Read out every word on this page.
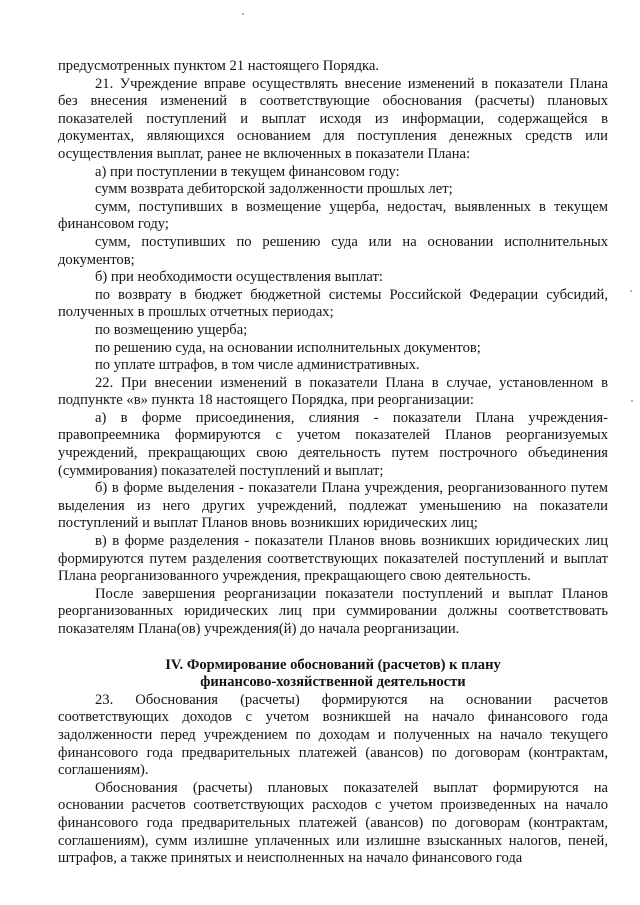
предусмотренных пунктом 21 настоящего Порядка.

21. Учреждение вправе осуществлять внесение изменений в показатели Плана без внесения изменений в соответствующие обоснования (расчеты) плановых показателей поступлений и выплат исходя из информации, содержащейся в документах, являющихся основанием для поступления денежных средств или осуществления выплат, ранее не включенных в показатели Плана:

а) при поступлении в текущем финансовом году:

сумм возврата дебиторской задолженности прошлых лет;

сумм, поступивших в возмещение ущерба, недостач, выявленных в текущем финансовом году;

сумм, поступивших по решению суда или на основании исполнительных документов;

б) при необходимости осуществления выплат:

по возврату в бюджет бюджетной системы Российской Федерации субсидий, полученных в прошлых отчетных периодах;

по возмещению ущерба;

по решению суда, на основании исполнительных документов;

по уплате штрафов, в том числе административных.

22. При внесении изменений в показатели Плана в случае, установленном в подпункте «в» пункта 18 настоящего Порядка, при реорганизации:

а) в форме присоединения, слияния - показатели Плана учреждения-правопреемника формируются с учетом показателей Планов реорганизуемых учреждений, прекращающих свою деятельность путем построчного объединения (суммирования) показателей поступлений и выплат;

б) в форме выделения - показатели Плана учреждения, реорганизованного путем выделения из него других учреждений, подлежат уменьшению на показатели поступлений и выплат Планов вновь возникших юридических лиц;

в) в форме разделения - показатели Планов вновь возникших юридических лиц формируются путем разделения соответствующих показателей поступлений и выплат Плана реорганизованного учреждения, прекращающего свою деятельность.

После завершения реорганизации показатели поступлений и выплат Планов реорганизованных юридических лиц при суммировании должны соответствовать показателям Плана(ов) учреждения(й) до начала реорганизации.

IV. Формирование обоснований (расчетов) к плану
финансово-хозяйственной деятельности

23. Обоснования (расчеты) формируются на основании расчетов соответствующих доходов с учетом возникшей на начало финансового года задолженности перед учреждением по доходам и полученных на начало текущего финансового года предварительных платежей (авансов) по договорам (контрактам, соглашениям).

Обоснования (расчеты) плановых показателей выплат формируются на основании расчетов соответствующих расходов с учетом произведенных на начало финансового года предварительных платежей (авансов) по договорам (контрактам, соглашениям), сумм излишне уплаченных или излишне взысканных налогов, пеней, штрафов, а также принятых и неисполненных на начало финансового года
